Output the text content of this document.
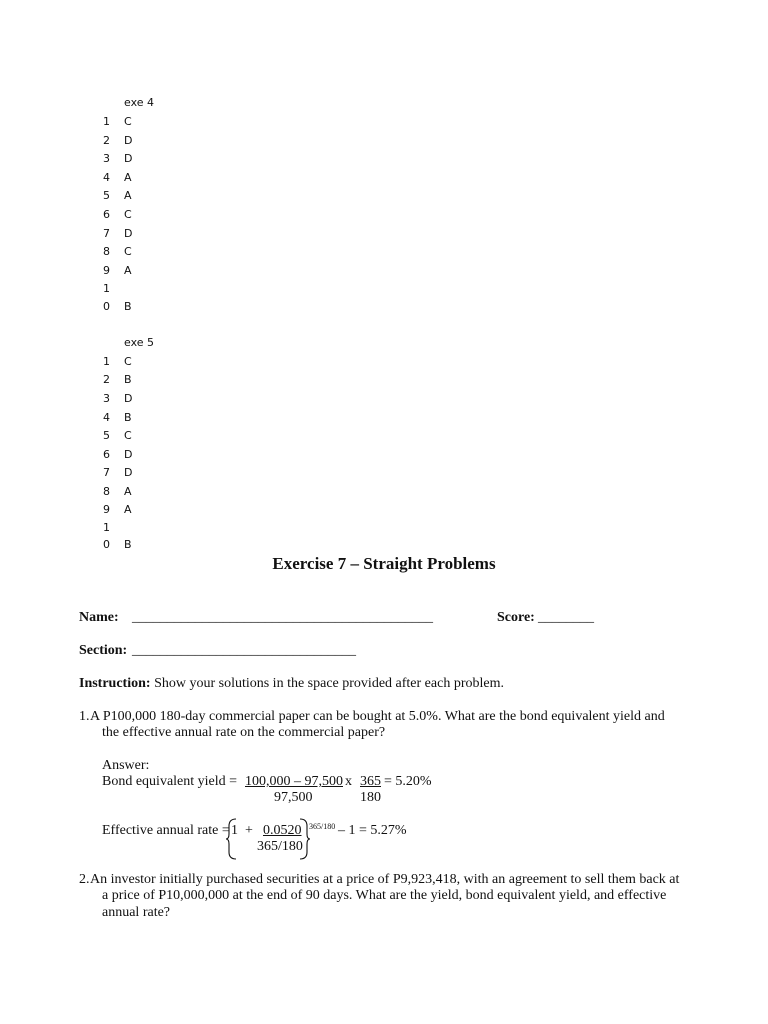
exe 4
1 C
2 D
3 D
4 A
5 A
6 C
7 D
8 C
9 A
1
0 B
exe 5
1 C
2 B
3 D
4 B
5 C
6 D
7 D
8 A
9 A
1
0 B
Exercise 7 – Straight Problems
Name: ___________________________________________	Score: ________
Section: ________________________________
Instruction: Show your solutions in the space provided after each problem.
1. A P100,000 180-day commercial paper can be bought at 5.0%. What are the bond equivalent yield and
the effective annual rate on the commercial paper?
Answer:
Bond equivalent yield = 100,000 – 97,500 x 365 = 5.20%
97,500	180
Effective annual rate = 1 + 0.0520 365/180 – 1 = 5.27%
365/180
2. An investor initially purchased securities at a price of P9,923,418, with an agreement to sell them back at
a price of P10,000,000 at the end of 90 days. What are the yield, bond equivalent yield, and effective
annual rate?
